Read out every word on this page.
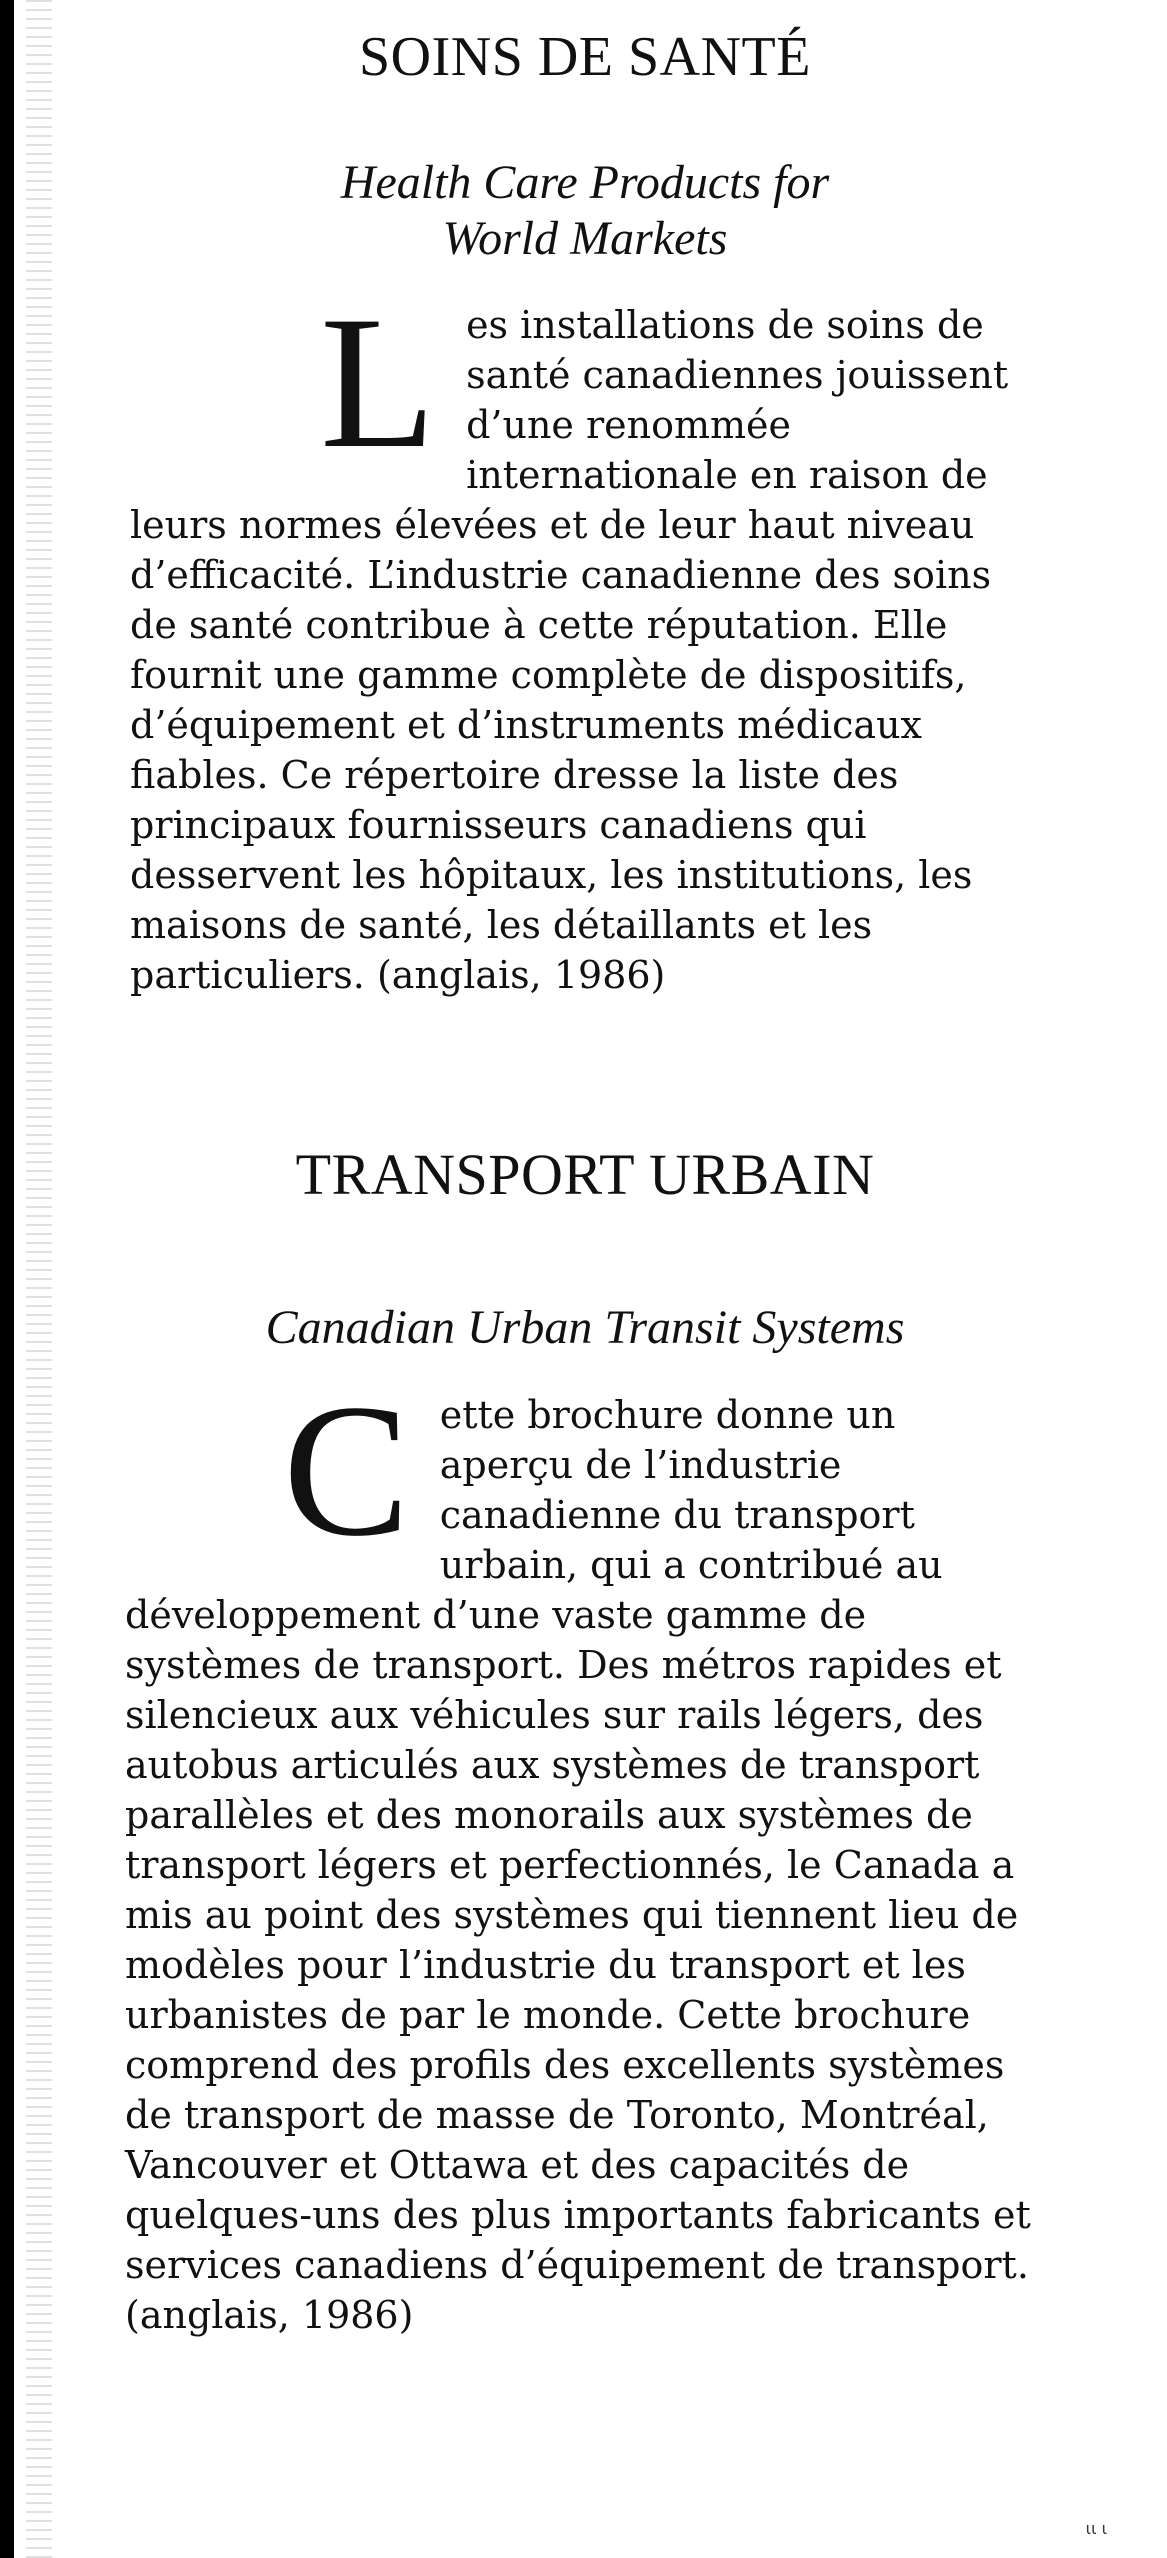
SOINS DE SANTÉ
Health Care Products for
World Markets

L es installations de soins de santé canadiennes jouissent d’une renommée internationale en raison de leurs normes élevées et de leur haut niveau d’efficacité. L’industrie canadienne des soins de santé contribue à cette réputation. Elle fournit une gamme complète de dispositifs, d’équipement et d’instruments médicaux fiables. Ce répertoire dresse la liste des principaux fournisseurs canadiens qui desservent les hôpitaux, les institutions, les maisons de santé, les détaillants et les particuliers. (anglais, 1986)

TRANSPORT URBAIN
Canadian Urban Transit Systems

C ette brochure donne un aperçu de l’industrie canadienne du transport urbain, qui a contribué au développement d’une vaste gamme de systèmes de transport. Des métros rapides et silencieux aux véhicules sur rails légers, des autobus articulés aux systèmes de transport parallèles et des monorails aux systèmes de transport légers et perfectionnés, le Canada a mis au point des systèmes qui tiennent lieu de modèles pour l’industrie du transport et les urbanistes de par le monde. Cette brochure comprend des profils des excellents systèmes de transport de masse de Toronto, Montréal, Vancouver et Ottawa et des capacités de quelques-uns des plus importants fabricants et services canadiens d’équipement de transport. (anglais, 1986)

ιι ι
